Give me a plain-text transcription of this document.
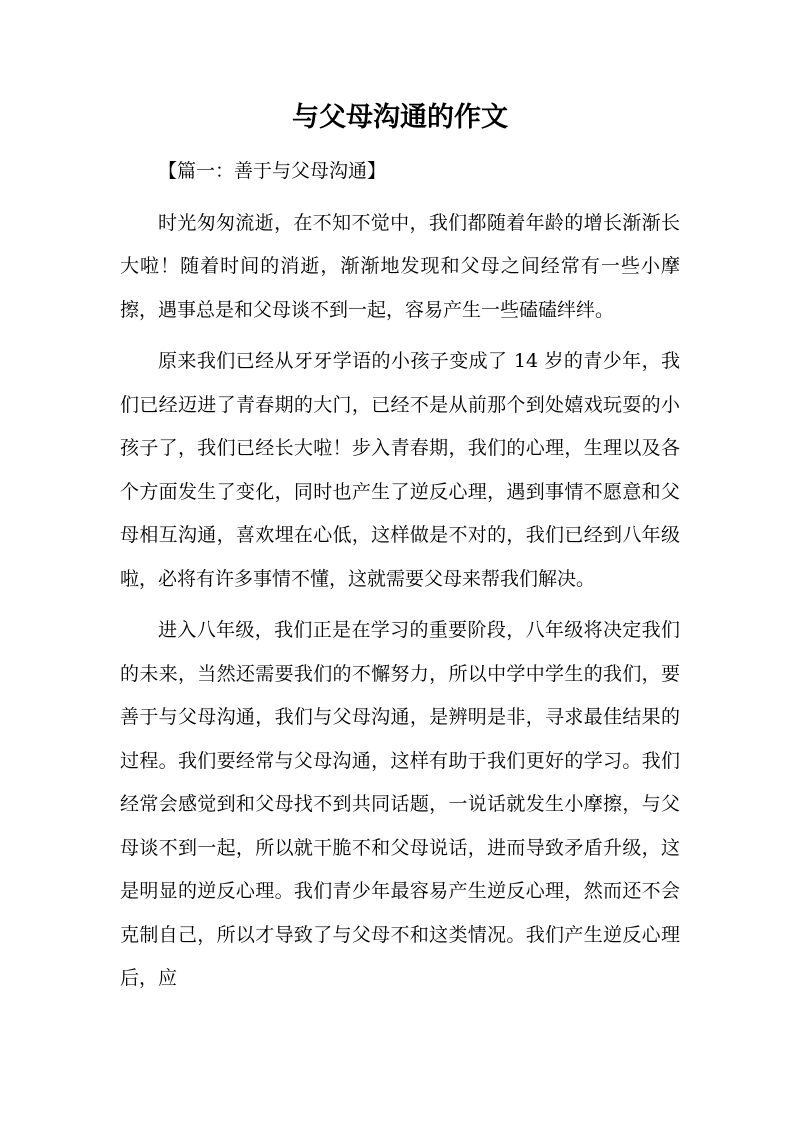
与父母沟通的作文

【篇一：善于与父母沟通】

时光匆匆流逝，在不知不觉中，我们都随着年龄的增长渐渐长大啦！随着时间的消逝，渐渐地发现和父母之间经常有一些小摩擦，遇事总是和父母谈不到一起，容易产生一些磕磕绊绊。

原来我们已经从牙牙学语的小孩子变成了 14 岁的青少年，我们已经迈进了青春期的大门，已经不是从前那个到处嬉戏玩耍的小孩子了，我们已经长大啦！步入青春期，我们的心理，生理以及各个方面发生了变化，同时也产生了逆反心理，遇到事情不愿意和父母相互沟通，喜欢埋在心低，这样做是不对的，我们已经到八年级啦，必将有许多事情不懂，这就需要父母来帮我们解决。

进入八年级，我们正是在学习的重要阶段，八年级将决定我们的未来，当然还需要我们的不懈努力，所以中学中学生的我们，要善于与父母沟通，我们与父母沟通，是辨明是非，寻求最佳结果的过程。我们要经常与父母沟通，这样有助于我们更好的学习。我们经常会感觉到和父母找不到共同话题，一说话就发生小摩擦，与父母谈不到一起，所以就干脆不和父母说话，进而导致矛盾升级，这是明显的逆反心理。我们青少年最容易产生逆反心理，然而还不会克制自己，所以才导致了与父母不和这类情况。我们产生逆反心理后，应
